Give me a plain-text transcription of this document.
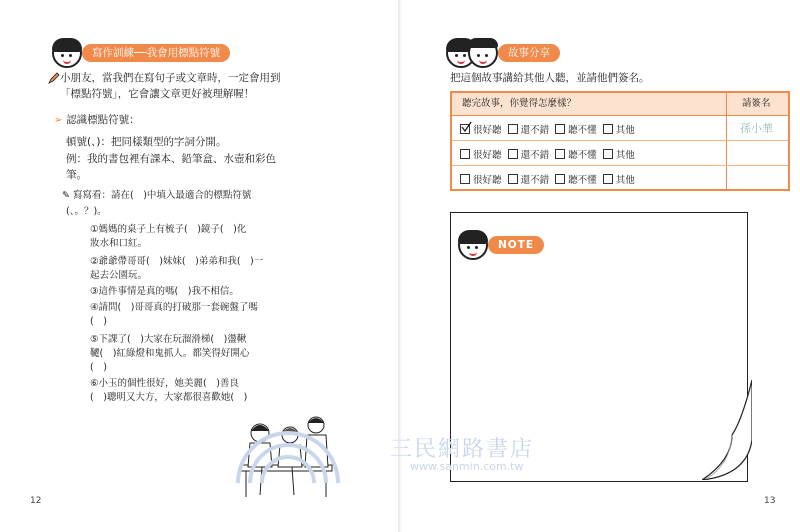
寫作訓練──我會用標點符號
小朋友，當我們在寫句子或文章時，一定會用到
「標點符號」，它會讓文章更好被理解喔！
➢ 認識標點符號：
頓號(、)：把同樣類型的字詞分開。
例：我的書包裡有課本、鉛筆盒、水壺和彩色
筆。
✎ 寫寫看：請在(　)中填入最適合的標點符號
(、。？)。
①媽媽的桌子上有梳子(　)鏡子(　)化
妝水和口紅。
②爺爺帶哥哥(　)妹妹(　)弟弟和我(　)一
起去公園玩。
③這件事情是真的嗎(　)我不相信。
④請問(　)哥哥真的打破那一套碗盤了嗎
(　)
⑤下課了(　)大家在玩溜滑梯(　)盪鞦
韆(　)紅綠燈和鬼抓人。都笑得好開心
(　)
⑥小玉的個性很好，她美麗(　)善良
(　)聰明又大方，大家都很喜歡她(　)
12
故事分享
把這個故事講給其他人聽，並請他們簽名。
聽完故事，你覺得怎麼樣？	請簽名
很好聽 還不錯 聽不懂 其他
很好聽 還不錯 聽不懂 其他
很好聽 還不錯 聽不懂 其他
孫小華
NOTE
13
三民網路書店
www.sanmin.com.tw
